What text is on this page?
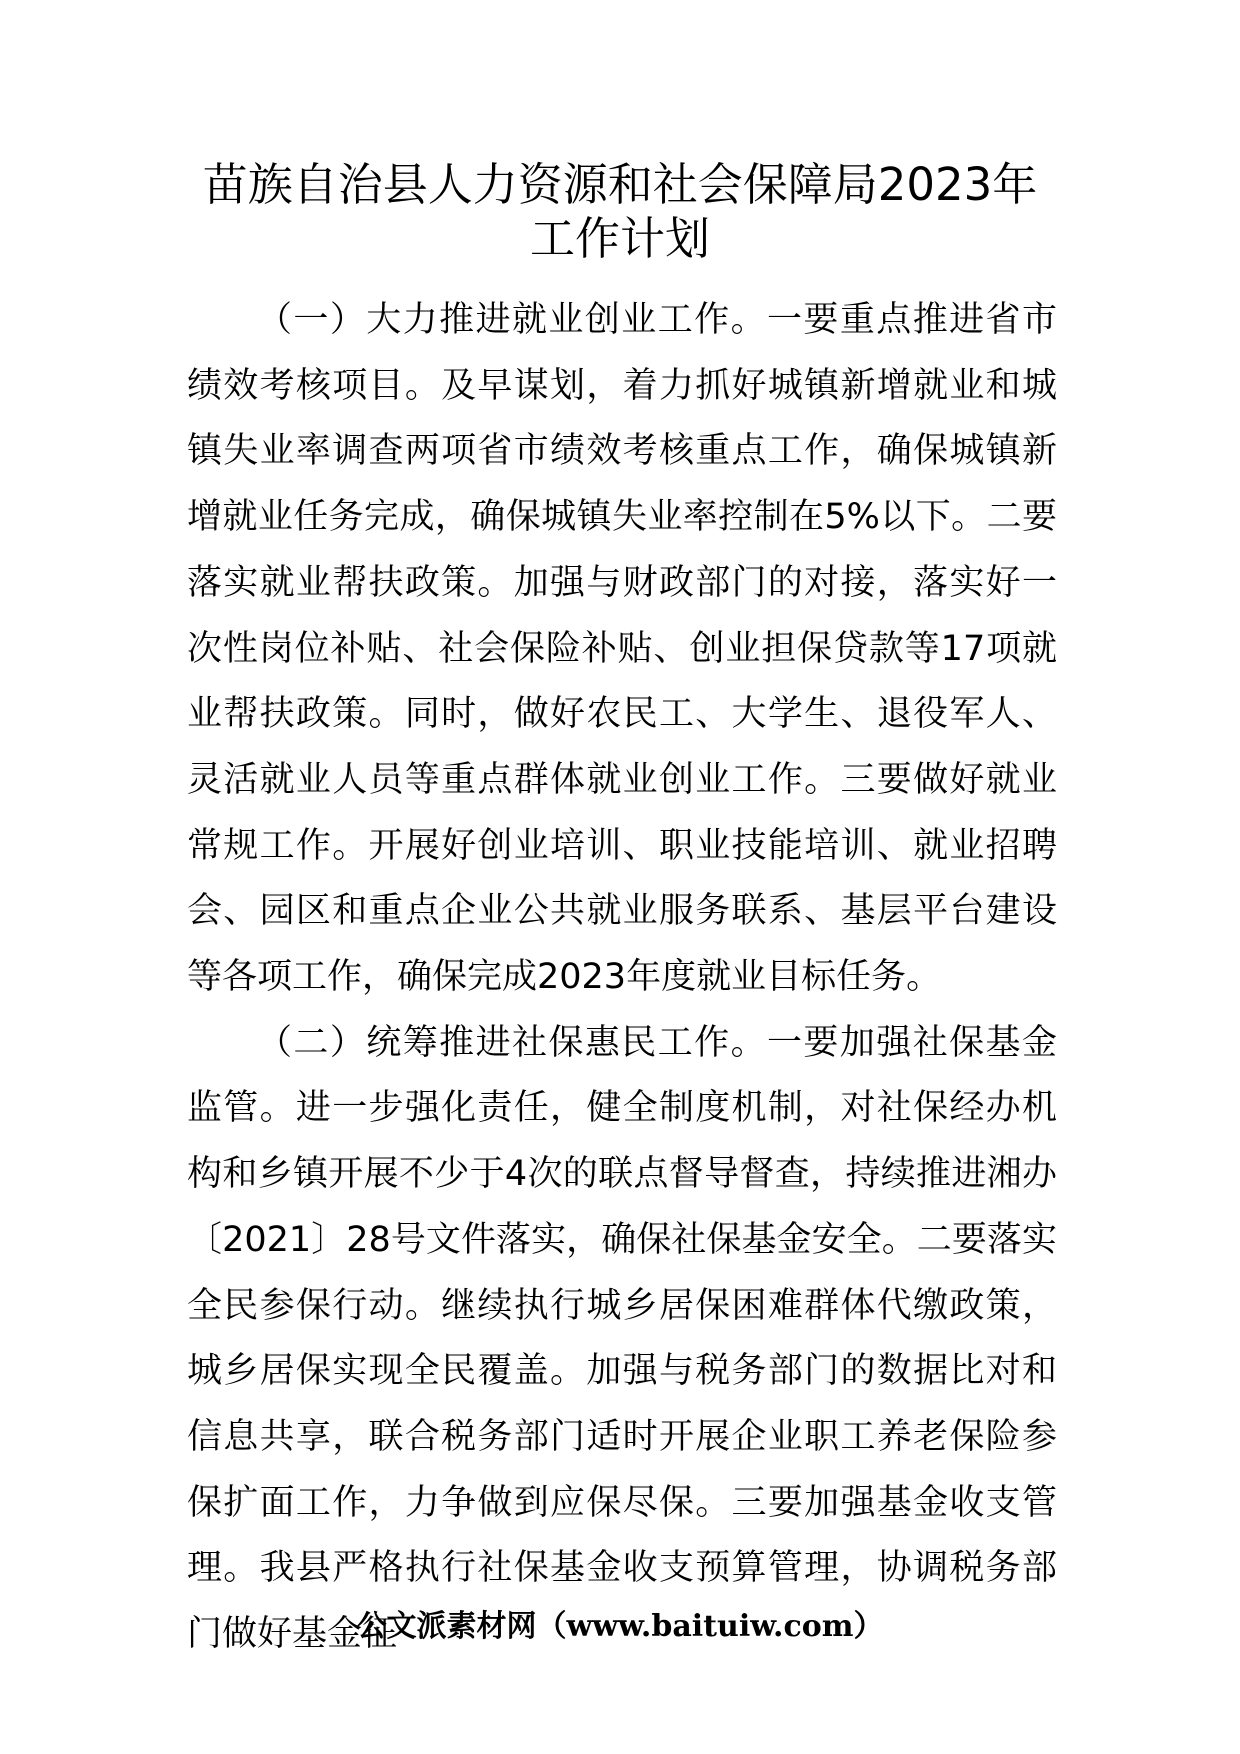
苗族自治县人力资源和社会保障局2023年
工作计划

（一）大力推进就业创业工作。一要重点推进省市绩效考核项目。及早谋划，着力抓好城镇新增就业和城镇失业率调查两项省市绩效考核重点工作，确保城镇新增就业任务完成，确保城镇失业率控制在5%以下。二要落实就业帮扶政策。加强与财政部门的对接，落实好一次性岗位补贴、社会保险补贴、创业担保贷款等17项就业帮扶政策。同时，做好农民工、大学生、退役军人、灵活就业人员等重点群体就业创业工作。三要做好就业常规工作。开展好创业培训、职业技能培训、就业招聘会、园区和重点企业公共就业服务联系、基层平台建设等各项工作，确保完成2023年度就业目标任务。

（二）统筹推进社保惠民工作。一要加强社保基金监管。进一步强化责任，健全制度机制，对社保经办机构和乡镇开展不少于4次的联点督导督查，持续推进湘办〔2021〕28号文件落实，确保社保基金安全。二要落实全民参保行动。继续执行城乡居保困难群体代缴政策，城乡居保实现全民覆盖。加强与税务部门的数据比对和信息共享，联合税务部门适时开展企业职工养老保险参保扩面工作，力争做到应保尽保。三要加强基金收支管理。我县严格执行社保基金收支预算管理，协调税务部门做好基金征

公文派素材网（www.baituiw.com）
